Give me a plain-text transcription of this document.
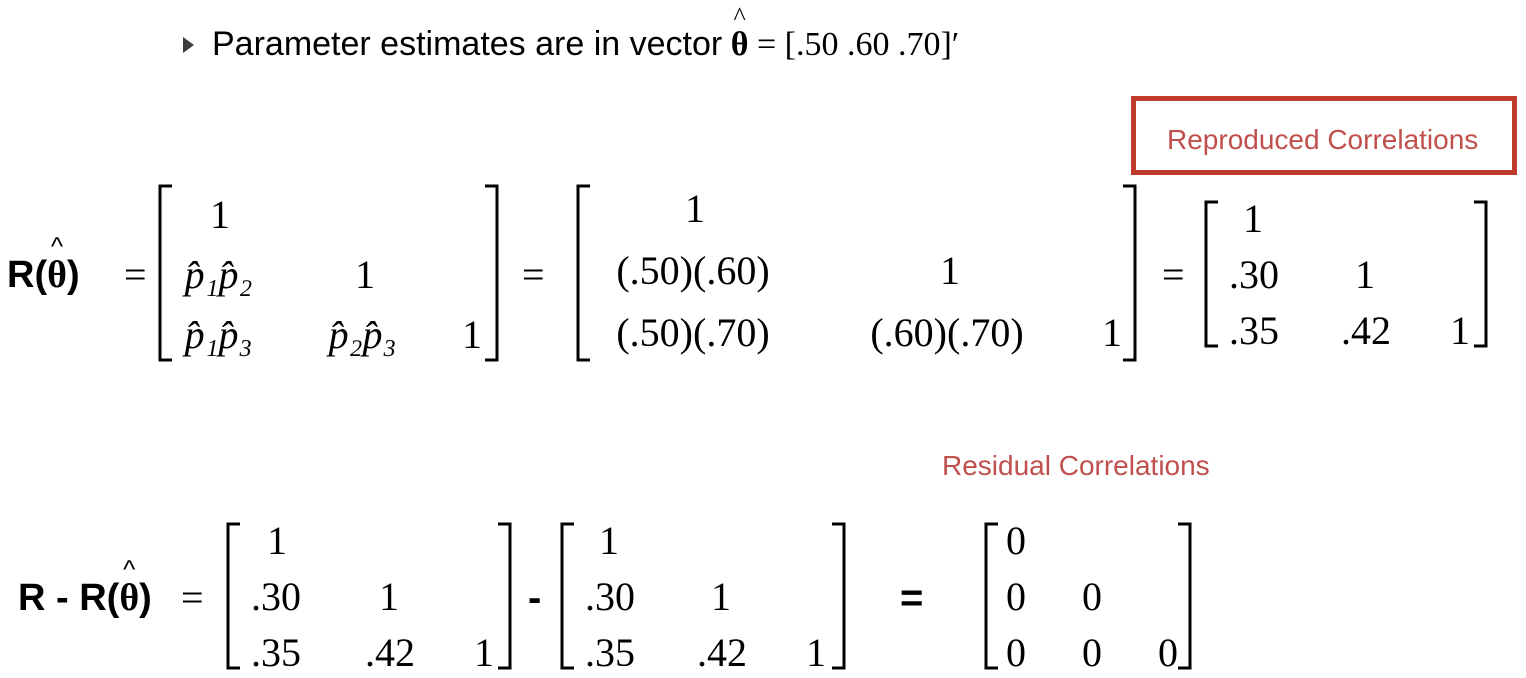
Parameter estimates are in vector
^
θ = [.50 .60 .70]′
Reproduced Correlations
R(
^
θ) =
1
p̂₁p̂₂	1
p̂₁p̂₃	p̂₂p̂₃	1
=
1
(.50)(.60)	1
(.50)(.70)	(.60)(.70)	1
=
1
.30	1
.35	.42	1
Residual Correlations
R - R(
^
θ) =
1
.30	1
.35	.42	1
-
1
.30	1
.35	.42	1
=
0
0 0
0 0 0
